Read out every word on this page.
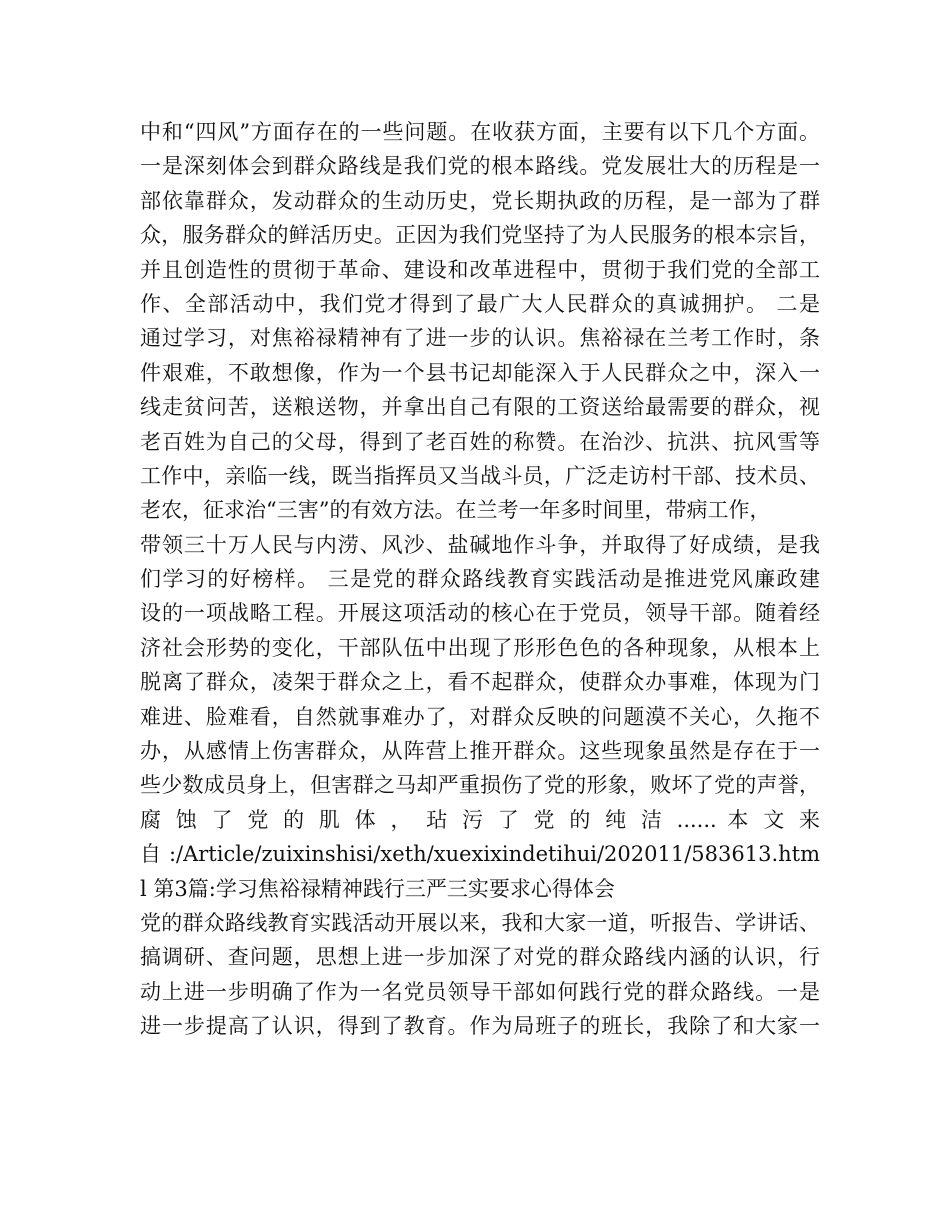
中和“四风”方面存在的一些问题。在收获方面，主要有以下几个方面。
一是深刻体会到群众路线是我们党的根本路线。党发展壮大的历程是一
部依靠群众，发动群众的生动历史，党长期执政的历程，是一部为了群
众，服务群众的鲜活历史。正因为我们党坚持了为人民服务的根本宗旨，
并且创造性的贯彻于革命、建设和改革进程中，贯彻于我们党的全部工
作、全部活动中，我们党才得到了最广大人民群众的真诚拥护。 二是
通过学习，对焦裕禄精神有了进一步的认识。焦裕禄在兰考工作时，条
件艰难，不敢想像，作为一个县书记却能深入于人民群众之中，深入一
线走贫问苦，送粮送物，并拿出自己有限的工资送给最需要的群众，视
老百姓为自己的父母，得到了老百姓的称赞。在治沙、抗洪、抗风雪等
工作中，亲临一线，既当指挥员又当战斗员，广泛走访村干部、技术员、
老农，征求治“三害”的有效方法。在兰考一年多时间里，带病工作，
带领三十万人民与内涝、风沙、盐碱地作斗争，并取得了好成绩，是我
们学习的好榜样。 三是党的群众路线教育实践活动是推进党风廉政建
设的一项战略工程。开展这项活动的核心在于党员，领导干部。随着经
济社会形势的变化，干部队伍中出现了形形色色的各种现象，从根本上
脱离了群众，凌架于群众之上，看不起群众，使群众办事难，体现为门
难进、脸难看，自然就事难办了，对群众反映的问题漠不关心，久拖不
办，从感情上伤害群众，从阵营上推开群众。这些现象虽然是存在于一
些少数成员身上，但害群之马却严重损伤了党的形象，败坏了党的声誉，
腐 蚀 了 党 的 肌 体 ， 玷 污 了 党 的 纯 洁 ...... 本 文 来
自:/Article/zuixinshisi/xeth/xuexixindetihui/202011/583613.htm
l 第3篇:学习焦裕禄精神践行三严三实要求心得体会
党的群众路线教育实践活动开展以来，我和大家一道，听报告、学讲话、
搞调研、查问题，思想上进一步加深了对党的群众路线内涵的认识，行
动上进一步明确了作为一名党员领导干部如何践行党的群众路线。一是
进一步提高了认识，得到了教育。作为局班子的班长，我除了和大家一
